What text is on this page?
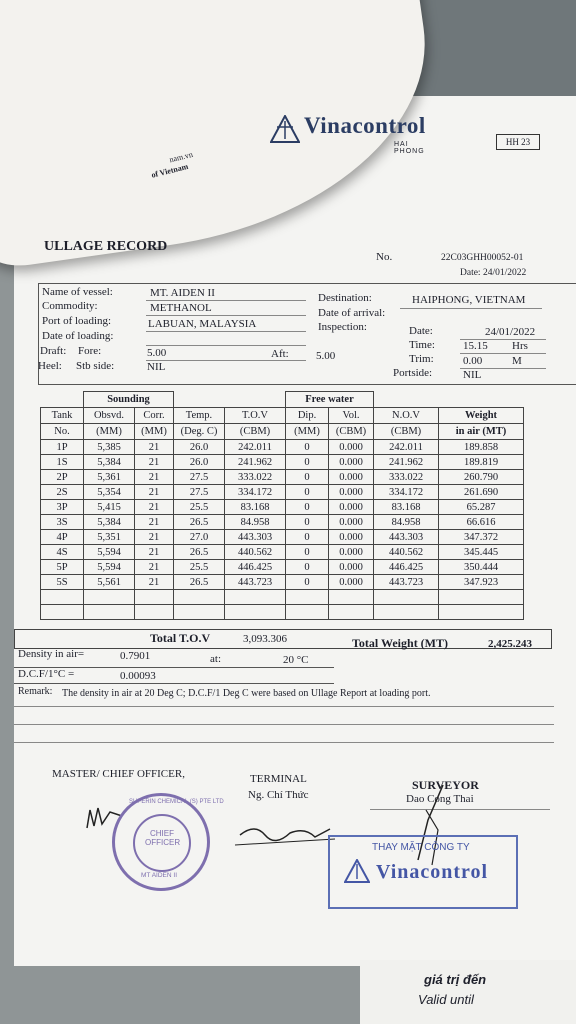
nam.vn
of Vietnam
Vinacontrol
HAI PHONG
HH 23
ULLAGE RECORD
No.	22C03GHH00052-01
Date: 24/01/2022
Name of vessel:	MT. AIDEN II
Commodity:	METHANOL
Port of loading:	LABUAN, MALAYSIA
Date of loading:
Draft: Fore:	5.00	Aft: 5.00
Heel: Stb side:	NIL
Destination:	HAIPHONG, VIETNAM
Date of arrival:
Inspection:	Date:	24/01/2022
Time:	15.15 Hrs
Trim:	0.00	M
Portside:	NIL
	Sounding				Free water			
Tank	Obsvd.	Corr.	Temp.	T.O.V	Dip.	Vol.	N.O.V	Weight
No.	(MM)	(MM)	(Deg. C)	(CBM)	(MM)	(CBM)	(CBM)	in air (MT)
1P	5,385	21	26.0	242.011	0	0.000	242.011	189.858
1S	5,384	21	26.0	241.962	0	0.000	241.962	189.819
2P	5,361	21	27.5	333.022	0	0.000	333.022	260.790
2S	5,354	21	27.5	334.172	0	0.000	334.172	261.690
3P	5,415	21	25.5	83.168	0	0.000	83.168	65.287
3S	5,384	21	26.5	84.958	0	0.000	84.958	66.616
4P	5,351	21	27.0	443.303	0	0.000	443.303	347.372
4S	5,594	21	26.5	440.562	0	0.000	440.562	345.445
5P	5,594	21	25.5	446.425	0	0.000	446.425	350.444
5S	5,561	21	26.5	443.723	0	0.000	443.723	347.923

Total T.O.V	3,093.306	Total Weight (MT)	2,425.243
Density in air=	0.7901	at:	20 °C
D.C.F/1°C =	0.00093
Remark: The density in air at 20 Deg C; D.C.F/1 Deg C were based on Ullage Report at loading port.
MASTER/ CHIEF OFFICER,	TERMINAL
Ng. Chí Thức
SURVEYOR
Dao Cong Thai
CHIEF OFFICER
SUPERIN CHEMICAL (S) PTE LTD
MT AIDEN II
THAY MẶT CÔNG TY
Vinacontrol
giá trị đến
Valid until
